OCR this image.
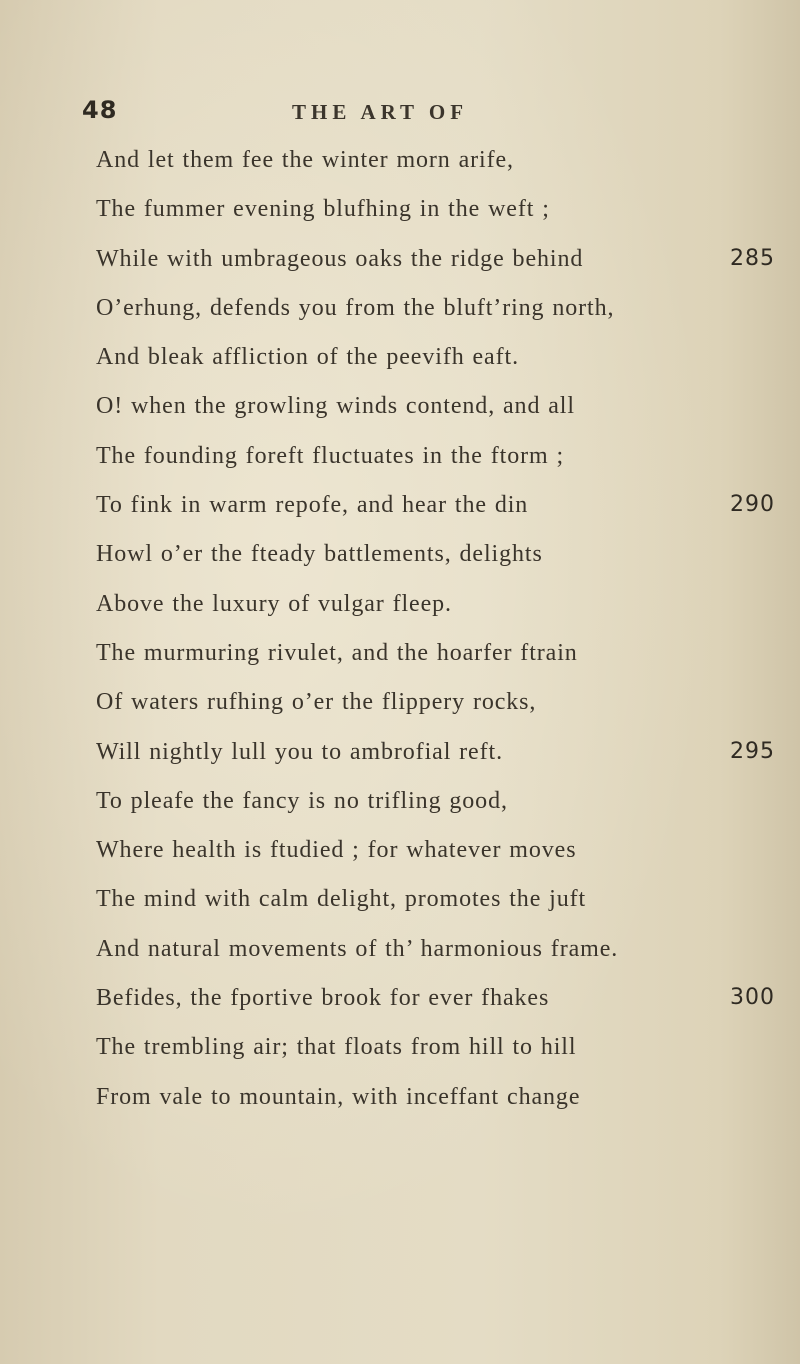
48	THE ART OF
And let them fee the winter morn arife,
The fummer evening blufhing in the weft ;
While with umbrageous oaks the ridge behind
O’erhung, defends you from the bluft’ring north,
And bleak affliction of the peevifh eaft.
O! when the growling winds contend, and all
The founding foreft fluctuates in the ftorm ;
To fink in warm repofe, and hear the din
Howl o’er the fteady battlements, delights
Above the luxury of vulgar fleep.
The murmuring rivulet, and the hoarfer ftrain
Of waters rufhing o’er the flippery rocks,
Will nightly lull you to ambrofial reft.
To pleafe the fancy is no trifling good,
Where health is ftudied ; for whatever moves
The mind with calm delight, promotes the juft
And natural movements of th’ harmonious frame.
Befides, the fportive brook for ever fhakes
The trembling air; that floats from hill to hill
From vale to mountain, with inceffant change
285
290
295
300
